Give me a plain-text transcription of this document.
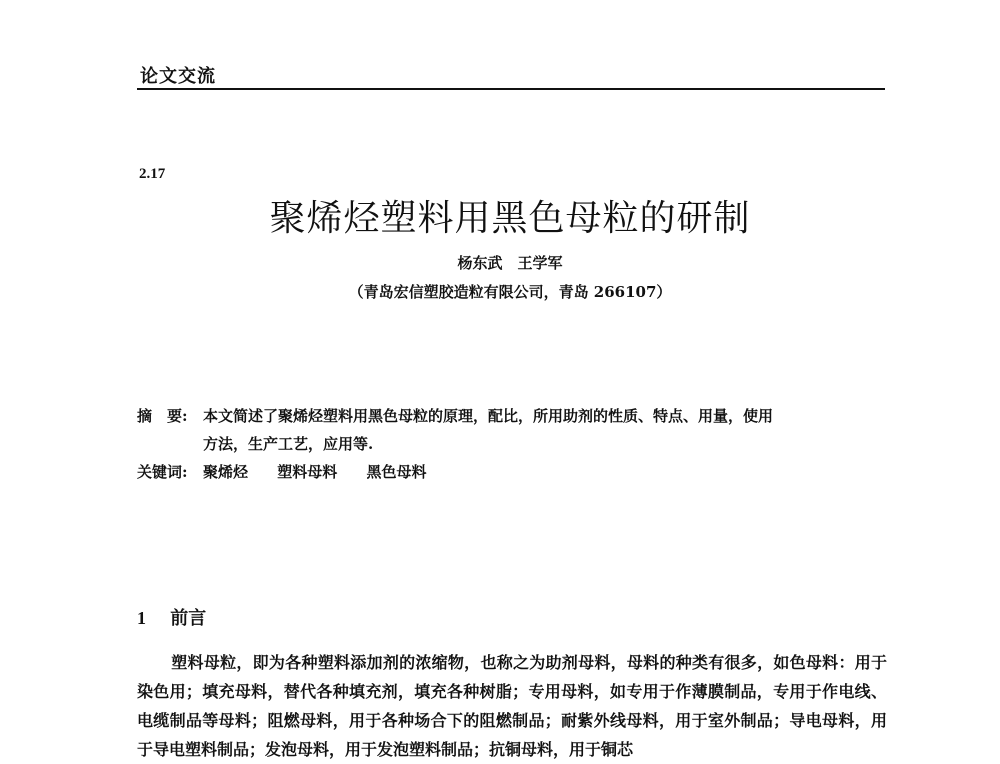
论文交流
2.17
聚烯烃塑料用黑色母粒的研制
杨东武　王学军
（青岛宏信塑胶造粒有限公司，青岛 266107）
摘　要:	本文简述了聚烯烃塑料用黑色母粒的原理，配比，所用助剂的性质、特点、用量，使用
方法，生产工艺，应用等.
关键词:	聚烯烃 塑料母料 黑色母料
1 前言
塑料母粒，即为各种塑料添加剂的浓缩物，也称之为助剂母料，母料的种类有很多，如色母料：用于染色用；填充母料，替代各种填充剂，填充各种树脂；专用母料，如专用于作薄膜制品，专用于作电线、电缆制品等母料；阻燃母料，用于各种场合下的阻燃制品；耐紫外线母料，用于室外制品；导电母料，用于导电塑料制品；发泡母料，用于发泡塑料制品；抗铜母料，用于铜芯
